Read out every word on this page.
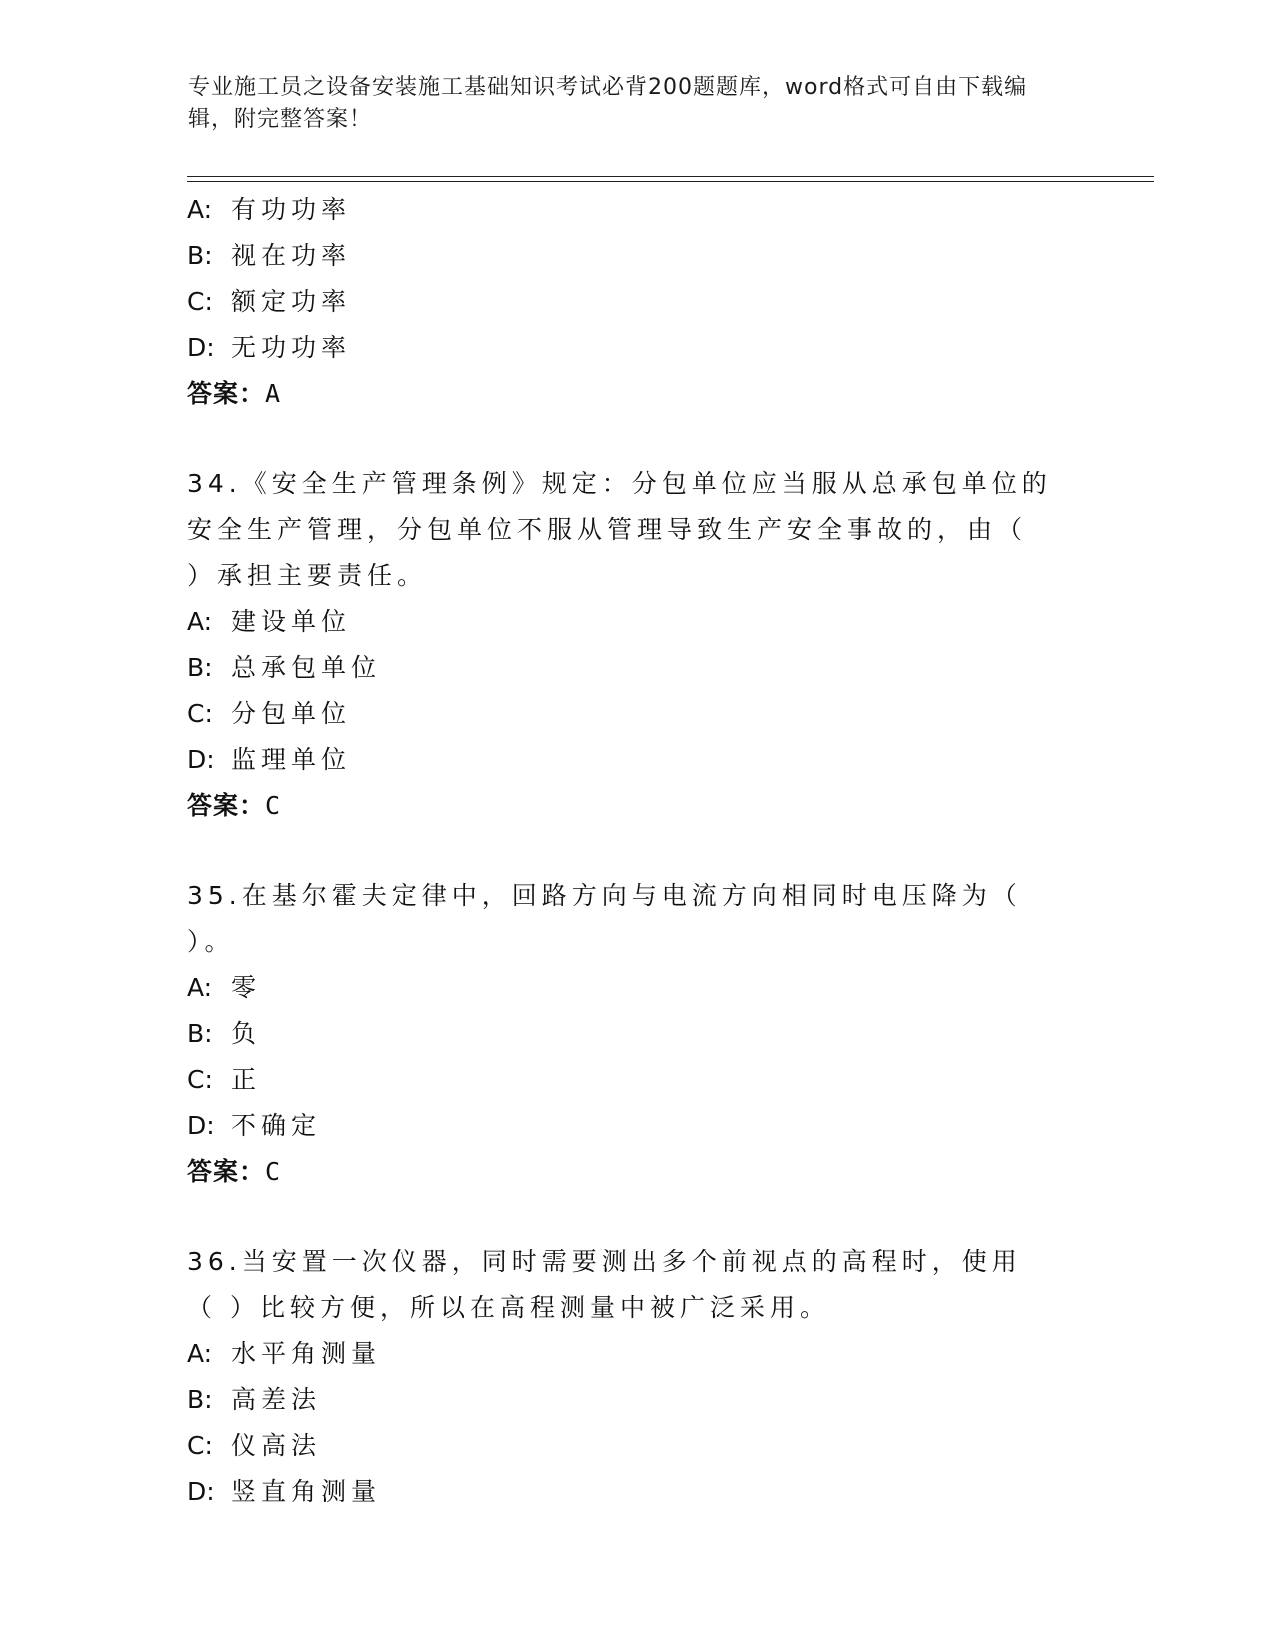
专业施工员之设备安装施工基础知识考试必背200题题库，word格式可自由下载编辑，附完整答案！
A: 有功功率
B: 视在功率
C: 额定功率
D: 无功功率
答案：A
34.《安全生产管理条例》规定：分包单位应当服从总承包单位的安全生产管理，分包单位不服从管理导致生产安全事故的，由（ ）承担主要责任。
A: 建设单位
B: 总承包单位
C: 分包单位
D: 监理单位
答案：C
35.在基尔霍夫定律中，回路方向与电流方向相同时电压降为（ ）。
A: 零
B: 负
C: 正
D: 不确定
答案：C
36.当安置一次仪器，同时需要测出多个前视点的高程时，使用（ ）比较方便，所以在高程测量中被广泛采用。
A: 水平角测量
B: 高差法
C: 仪高法
D: 竖直角测量
